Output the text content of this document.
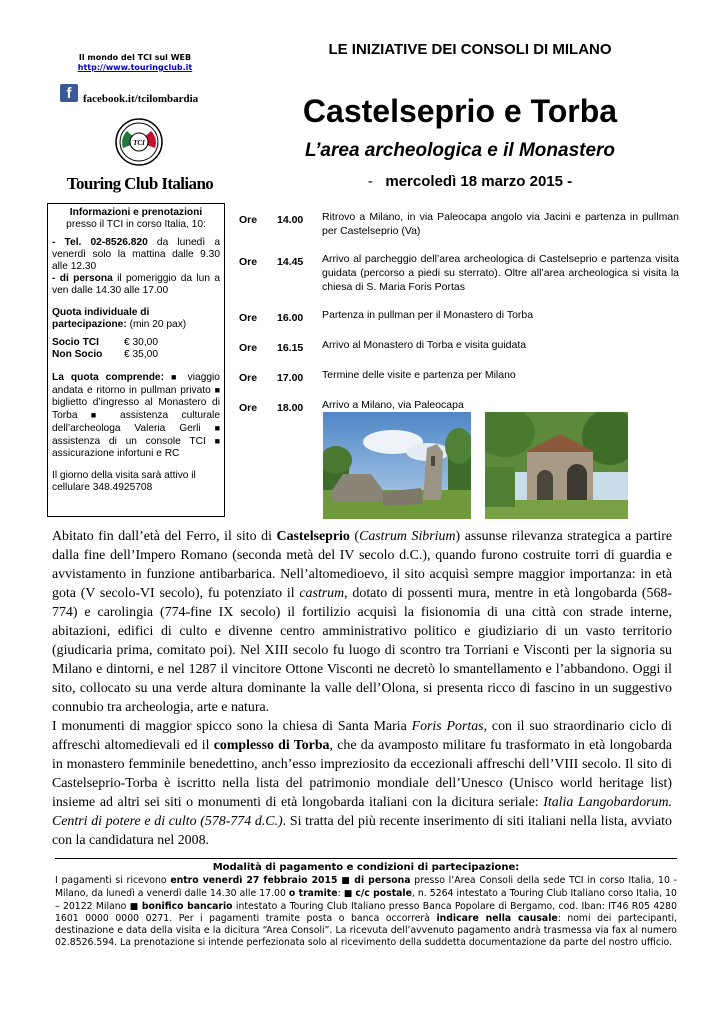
Il mondo del TCI sul WEB
http://www.touringclub.it
f	facebook.it/tcilombardia
TCI
Touring Club Italiano
LE INIZIATIVE DEI CONSOLI DI MILANO
Castelseprio e Torba
L’area archeologica e il Monastero
- mercoledì 18 marzo 2015 -

Informazioni e prenotazioni
presso il TCI in corso Italia, 10:

- Tel. 02-8526.820 da lunedì a venerdì solo la mattina dalle 9.30 alle 12.30
- di persona il pomeriggio da lun a ven dalle 14.30 alle 17.00

Quota individuale di partecipazione: (min 20 pax)

Socio TCI	€ 30,00
Non Socio	€ 35,00

La quota comprende: ■ viaggio andata e ritorno in pullman privato ■ biglietto d’ingresso al Monastero di Torba ■ assistenza culturale dell’archeologa Valeria Gerli ■ assistenza di un console TCI ■ assicurazione infortuni e RC

Il giorno della visita sarà attivo il cellulare 348.4925708

Ore	14.00	Ritrovo a Milano, in via Paleocapa angolo via Jacini e partenza in pullman per Castelseprio (Va)
Ore	14.45	Arrivo al parcheggio dell’area archeologica di Castelseprio e partenza visita guidata (percorso a piedi su sterrato). Oltre all’area archeologica si visita la chiesa di S. Maria Foris Portas
Ore	16.00	Partenza in pullman per il Monastero di Torba
Ore	16.15	Arrivo al Monastero di Torba e visita guidata
Ore	17.00	Termine delle visite e partenza per Milano
Ore	18.00	Arrivo a Milano, via Paleocapa

Abitato fin dall’età del Ferro, il sito di Castelseprio (Castrum Sibrium) assunse rilevanza strategica a partire dalla fine dell’Impero Romano (seconda metà del IV secolo d.C.), quando furono costruite torri di guardia e avvistamento in funzione antibarbarica. Nell’altomedioevo, il sito acquisì sempre maggior importanza: in età gota (V secolo-VI secolo), fu potenziato il castrum, dotato di possenti mura, mentre in età longobarda (568-774) e carolingia (774-fine IX secolo) il fortilizio acquisì la fisionomia di una città con strade interne, abitazioni, edifici di culto e divenne centro amministrativo politico e giudiziario di un vasto territorio (giudicaria prima, comitato poi). Nel XIII secolo fu luogo di scontro tra Torriani e Visconti per la signoria su Milano e dintorni, e nel 1287 il vincitore Ottone Visconti ne decretò lo smantellamento e l’abbandono. Oggi il sito, collocato su una verde altura dominante la valle dell’Olona, si presenta ricco di fascino in un suggestivo connubio tra archeologia, arte e natura.

I monumenti di maggior spicco sono la chiesa di Santa Maria Foris Portas, con il suo straordinario ciclo di affreschi altomedievali ed il complesso di Torba, che da avamposto militare fu trasformato in età longobarda in monastero femminile benedettino, anch’esso impreziosito da eccezionali affreschi dell’VIII secolo. Il sito di Castelseprio-Torba è iscritto nella lista del patrimonio mondiale dell’Unesco (Unisco world heritage list) insieme ad altri sei siti o monumenti di età longobarda italiani con la dicitura seriale: Italia Langobardorum. Centri di potere e di culto (578-774 d.C.). Si tratta del più recente inserimento di siti italiani nella lista, avviato con la candidatura nel 2008.

Modalità di pagamento e condizioni di partecipazione:
I pagamenti si ricevono entro venerdì 27 febbraio 2015 ■ di persona presso l’Area Consoli della sede TCI in corso Italia, 10 - Milano, da lunedì a venerdì dalle 14.30 alle 17.00 o tramite: ■ c/c postale, n. 5264 intestato a Touring Club Italiano corso Italia, 10 – 20122 Milano ■ bonifico bancario intestato a Touring Club Italiano presso Banca Popolare di Bergamo, cod. Iban: IT46 R05 4280 1601 0000 0000 0271. Per i pagamenti tramite posta o banca occorrerà indicare nella causale: nomi dei partecipanti, destinazione e data della visita e la dicitura “Area Consoli”. La ricevuta dell’avvenuto pagamento andrà trasmessa via fax al numero 02.8526.594. La prenotazione si intende perfezionata solo al ricevimento della suddetta documentazione da parte del nostro ufficio.
